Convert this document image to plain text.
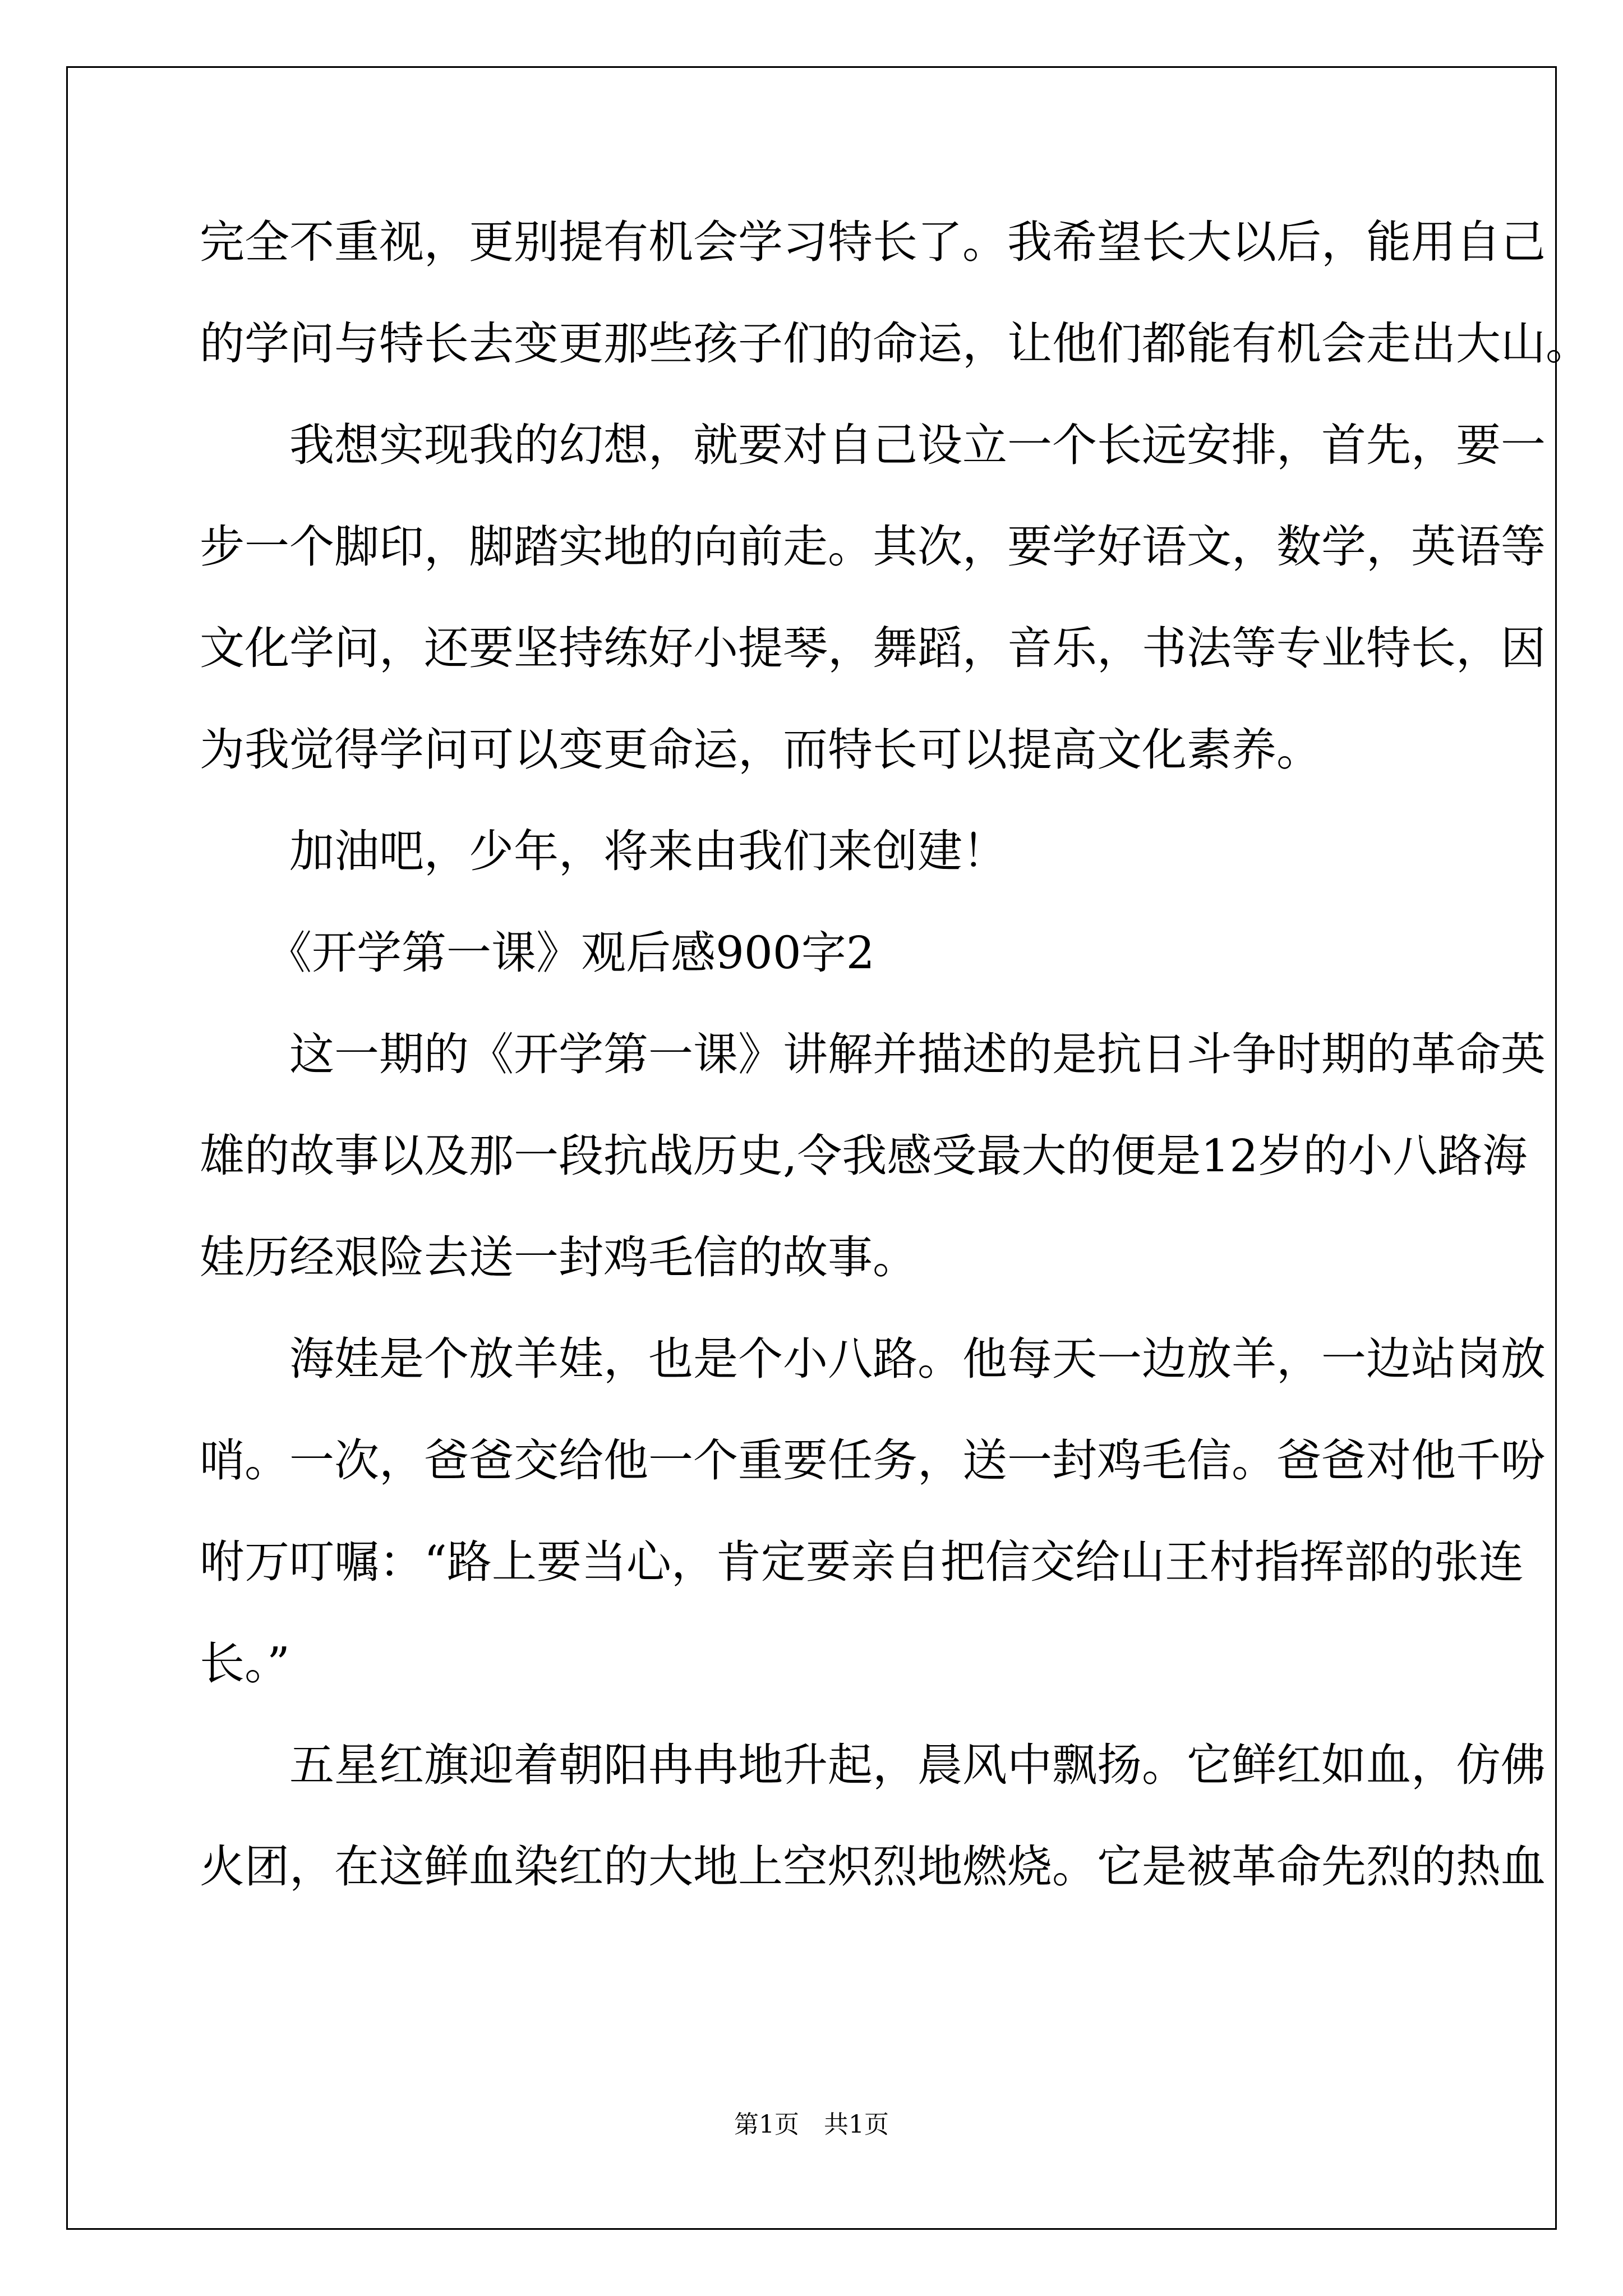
完全不重视，更别提有机会学习特长了。我希望长大以后，能用自己
的学问与特长去变更那些孩子们的命运，让他们都能有机会走出大山。
　　我想实现我的幻想，就要对自己设立一个长远安排，首先，要一
步一个脚印，脚踏实地的向前走。其次，要学好语文，数学，英语等
文化学问，还要坚持练好小提琴，舞蹈，音乐，书法等专业特长，因
为我觉得学问可以变更命运，而特长可以提高文化素养。
　　加油吧，少年，将来由我们来创建！
　　《开学第一课》观后感900字2
　　这一期的《开学第一课》讲解并描述的是抗日斗争时期的革命英
雄的故事以及那一段抗战历史,令我感受最大的便是12岁的小八路海
娃历经艰险去送一封鸡毛信的故事。
　　海娃是个放羊娃，也是个小八路。他每天一边放羊，一边站岗放
哨。一次，爸爸交给他一个重要任务，送一封鸡毛信。爸爸对他千吩
咐万叮嘱：“路上要当心，肯定要亲自把信交给山王村指挥部的张连
长。”
　　五星红旗迎着朝阳冉冉地升起，晨风中飘扬。它鲜红如血，仿佛
火团，在这鲜血染红的大地上空炽烈地燃烧。它是被革命先烈的热血
第1页　共1页
